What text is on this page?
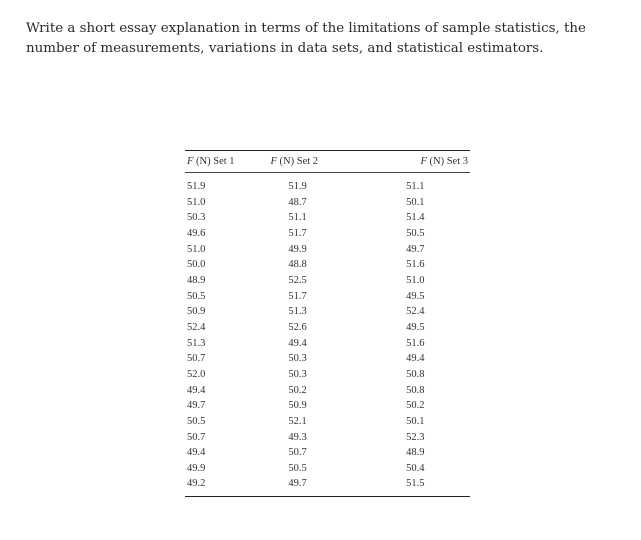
Write a short essay explanation in terms of the limitations of sample statistics, the number of measurements, variations in data sets, and statistical estimators.

F (N) Set 1	F (N) Set 2	F (N) Set 3
51.9	51.9	51.1
51.0	48.7	50.1
50.3	51.1	51.4
49.6	51.7	50.5
51.0	49.9	49.7
50.0	48.8	51.6
48.9	52.5	51.0
50.5	51.7	49.5
50.9	51.3	52.4
52.4	52.6	49.5
51.3	49.4	51.6
50.7	50.3	49.4
52.0	50.3	50.8
49.4	50.2	50.8
49.7	50.9	50.2
50.5	52.1	50.1
50.7	49.3	52.3
49.4	50.7	48.9
49.9	50.5	50.4
49.2	49.7	51.5
